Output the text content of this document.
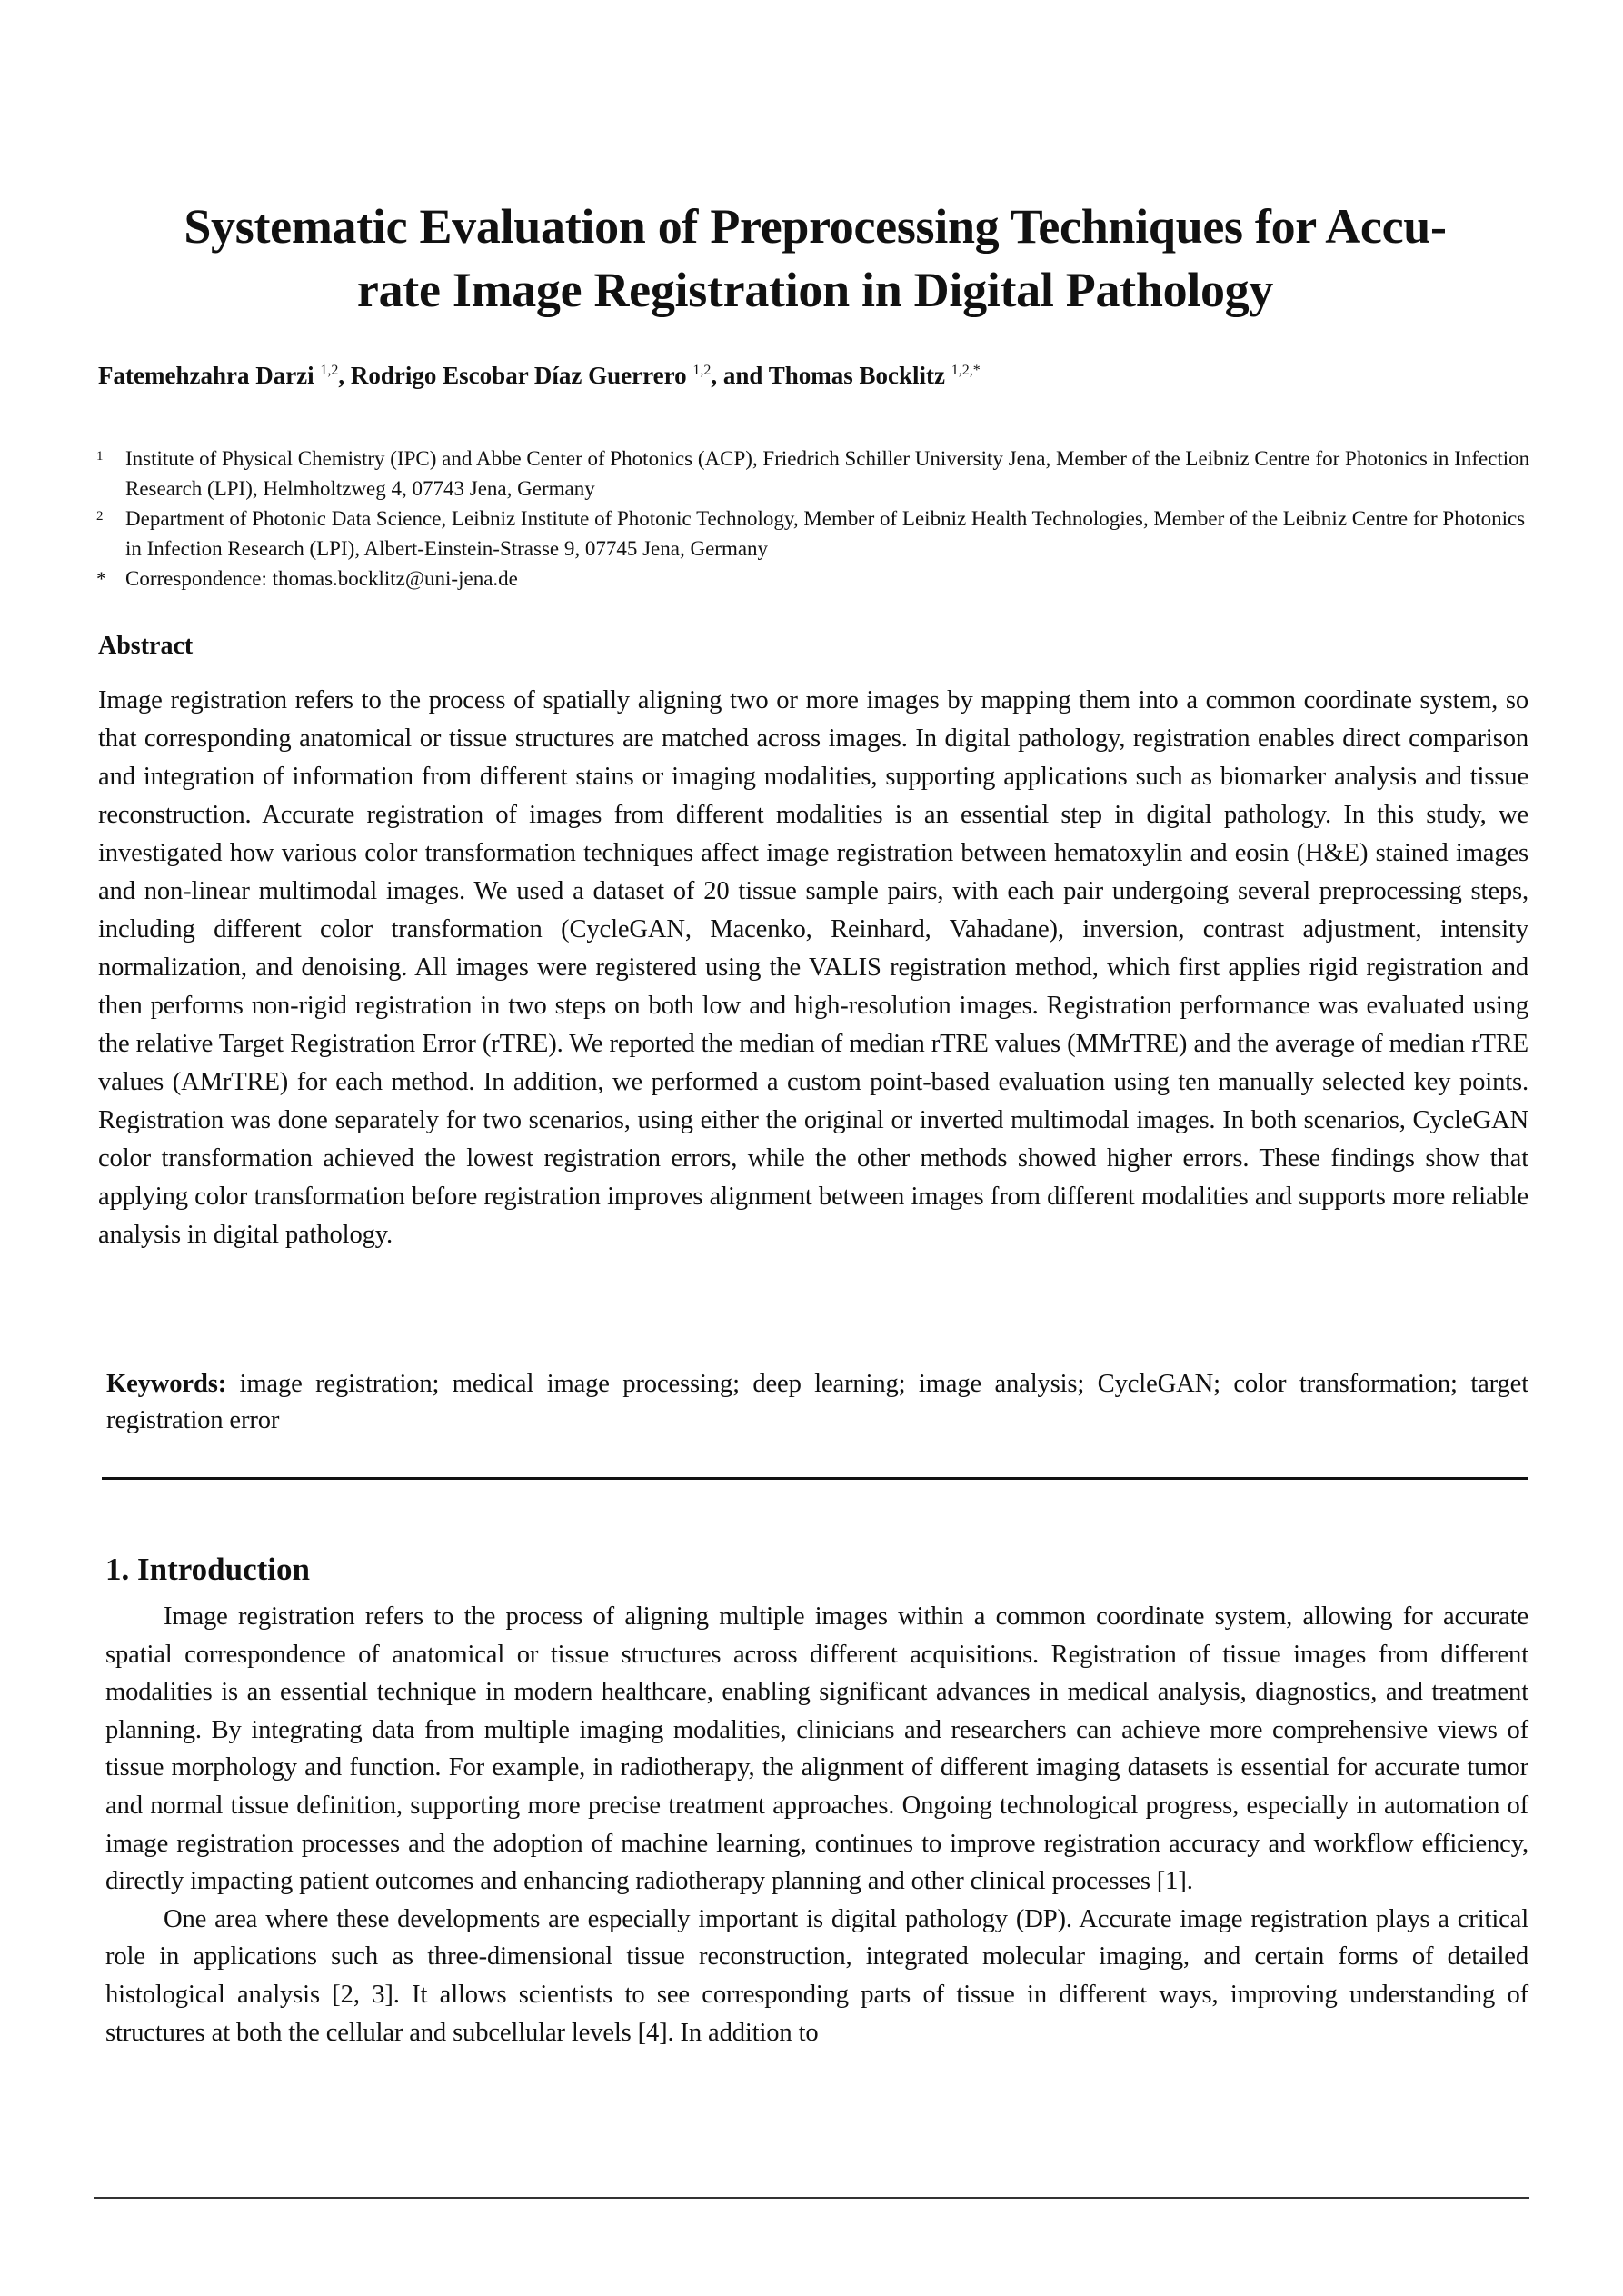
Systematic Evaluation of Preprocessing Techniques for Accu-
rate Image Registration in Digital Pathology
Fatemehzahra Darzi $^{1,2}$, Rodrigo Escobar Díaz Guerrero $^{1,2}$, and Thomas Bocklitz $^{1,2,*}$
1 Institute of Physical Chemistry (IPC) and Abbe Center of Photonics (ACP), Friedrich Schiller University Jena, Member of the Leibniz Centre for Photonics in Infection Research (LPI), Helmholtzweg 4, 07743 Jena, Germany
2 Department of Photonic Data Science, Leibniz Institute of Photonic Technology, Member of Leibniz Health Technologies, Member of the Leibniz Centre for Photonics in Infection Research (LPI), Albert-Einstein-Strasse 9, 07745 Jena, Germany
* Correspondence: thomas.bocklitz@uni-jena.de
Abstract
Image registration refers to the process of spatially aligning two or more images by mapping them into a common coordinate system, so that corresponding anatomical or tissue structures are matched across images. In digital pathology, registration enables direct comparison and integration of information from different stains or imaging modalities, supporting applications such as biomarker analysis and tissue reconstruction. Accurate registration of images from different modalities is an essential step in digital pathology. In this study, we investigated how various color transformation techniques affect image registration between hematoxylin and eosin (H&E) stained images and non-linear multimodal images. We used a dataset of 20 tissue sample pairs, with each pair undergoing several preprocessing steps, including different color transformation (CycleGAN, Macenko, Reinhard, Vahadane), inversion, contrast adjustment, intensity normalization, and denoising. All images were registered using the VALIS registration method, which first applies rigid registration and then performs non-rigid registration in two steps on both low and high-resolution images. Registration performance was evaluated using the relative Target Registration Error (rTRE). We reported the median of median rTRE values (MMrTRE) and the average of median rTRE values (AMrTRE) for each method. In addition, we performed a custom point-based evaluation using ten manually selected key points. Registration was done separately for two scenarios, using either the original or inverted multimodal images. In both scenarios, CycleGAN color transformation achieved the lowest registration errors, while the other methods showed higher errors. These findings show that applying color transformation before registration improves alignment between images from different modalities and supports more reliable analysis in digital pathology.
Keywords: image registration; medical image processing; deep learning; image analysis; CycleGAN; color transformation; target registration error
1. Introduction

Image registration refers to the process of aligning multiple images within a common coordinate system, allowing for accurate spatial correspondence of anatomical or tissue structures across different acquisitions. Registration of tissue images from different modalities is an essential technique in modern healthcare, enabling significant advances in medical analysis, diagnostics, and treatment planning. By integrating data from multiple imaging modalities, clinicians and researchers can achieve more comprehensive views of tissue morphology and function. For example, in radiotherapy, the alignment of different imaging datasets is essential for accurate tumor and normal tissue definition, supporting more precise treatment approaches. Ongoing technological progress, especially in automation of image registration processes and the adoption of machine learning, continues to improve registration accuracy and workflow efficiency, directly impacting patient outcomes and enhancing radiotherapy planning and other clinical processes [1].

One area where these developments are especially important is digital pathology (DP). Accurate image registration plays a critical role in applications such as three-dimensional tissue reconstruction, integrated molecular imaging, and certain forms of detailed histological analysis [2, 3]. It allows scientists to see corresponding parts of tissue in different ways, improving understanding of structures at both the cellular and subcellular levels [4]. In addition to
